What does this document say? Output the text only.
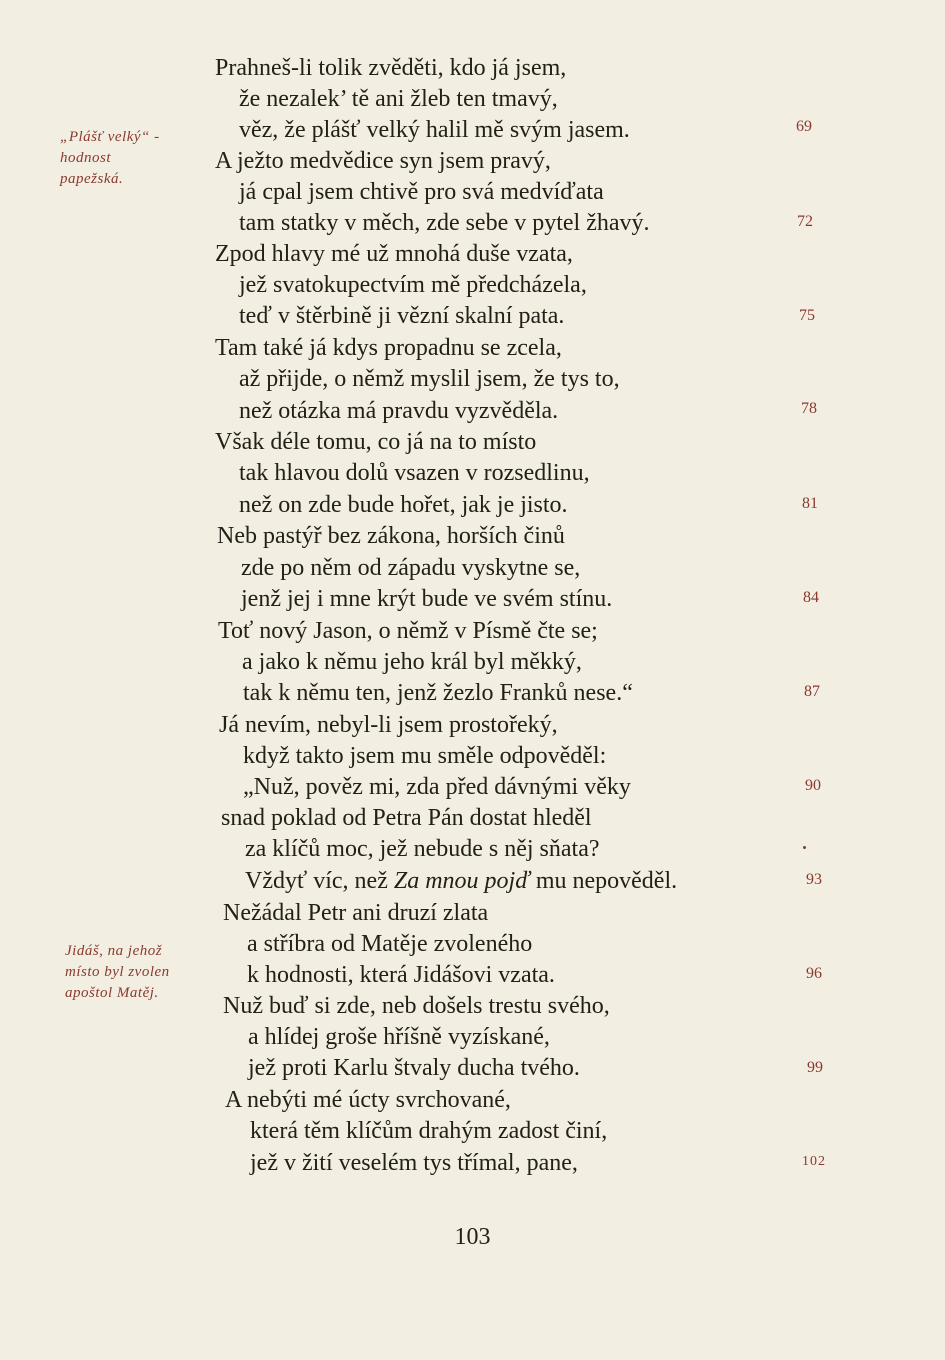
„Plášť velký“ -
hodnost
papežská.
Jidáš, na jehož
místo byl zvolen
apoštol Matěj.
Prahneš-li tolik zvěděti, kdo já jsem,
že nezalek’ tě ani žleb ten tmavý,
věz, že plášť velký halil mě svým jasem.
A ježto medvědice syn jsem pravý,
já cpal jsem chtivě pro svá medvíďata
tam statky v měch, zde sebe v pytel žhavý.
Zpod hlavy mé už mnohá duše vzata,
jež svatokupectvím mě předcházela,
teď v štěrbině ji vězní skalní pata.
Tam také já kdys propadnu se zcela,
až přijde, o němž myslil jsem, že tys to,
než otázka má pravdu vyzvěděla.
Však déle tomu, co já na to místo
tak hlavou dolů vsazen v rozsedlinu,
než on zde bude hořet, jak je jisto.
Neb pastýř bez zákona, horších činů
zde po něm od západu vyskytne se,
jenž jej i mne krýt bude ve svém stínu.
Toť nový Jason, o němž v Písmě čte se;
a jako k němu jeho král byl měkký,
tak k němu ten, jenž žezlo Franků nese.“
Já nevím, nebyl-li jsem prostořeký,
když takto jsem mu směle odpověděl:
„Nuž, pověz mi, zda před dávnými věky
snad poklad od Petra Pán dostat hleděl
za klíčů moc, jež nebude s něj sňata?
Vždyť víc, než Za mnou pojď mu nepověděl.
Nežádal Petr ani druzí zlata
a stříbra od Matěje zvoleného
k hodnosti, která Jidášovi vzata.
Nuž buď si zde, neb došels trestu svého,
a hlídej groše hříšně vyzískané,
jež proti Karlu štvaly ducha tvého.
A nebýti mé úcty svrchované,
která těm klíčům drahým zadost činí,
jež v žití veselém tys třímal, pane,
69
72
75
78
81
84
87
90
93
96
99
102
103
